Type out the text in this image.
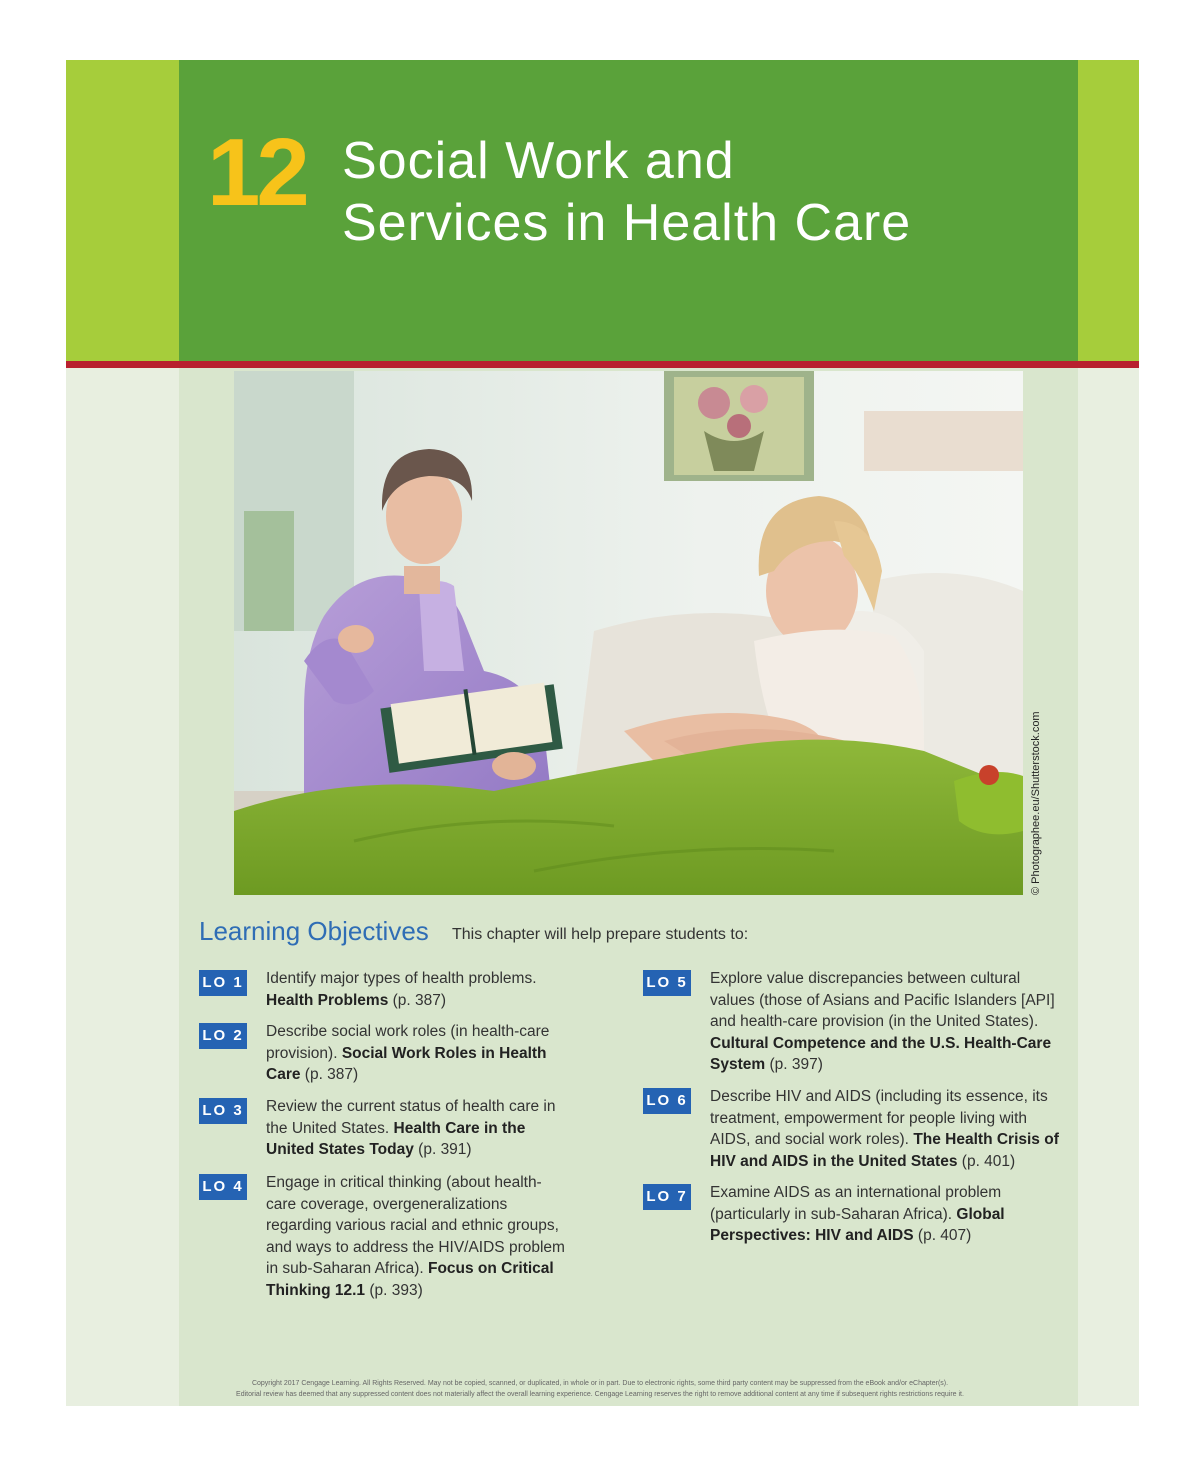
12 Social Work and
Services in Health Care
© Photographee.eu/Shutterstock.com
Learning Objectives This chapter will help prepare students to:
LO 1 Identify major types of health problems. Health Problems (p. 387)
LO 2 Describe social work roles (in health-care provision). Social Work Roles in Health Care (p. 387)
LO 3 Review the current status of health care in the United States. Health Care in the United States Today (p. 391)
LO 4 Engage in critical thinking (about health-care coverage, overgeneralizations regarding various racial and ethnic groups, and ways to address the HIV/AIDS problem in sub-Saharan Africa). Focus on Critical Thinking 12.1 (p. 393)
LO 5 Explore value discrepancies between cultural values (those of Asians and Pacific Islanders [API] and health-care provision (in the United States). Cultural Competence and the U.S. Health-Care System (p. 397)
LO 6 Describe HIV and AIDS (including its essence, its treatment, empowerment for people living with AIDS, and social work roles). The Health Crisis of HIV and AIDS in the United States (p. 401)
LO 7 Examine AIDS as an international problem (particularly in sub-Saharan Africa). Global Perspectives: HIV and AIDS (p. 407)
Copyright 2017 Cengage Learning. All Rights Reserved. May not be copied, scanned, or duplicated, in whole or in part. Due to electronic rights, some third party content may be suppressed from the eBook and/or eChapter(s).
Editorial review has deemed that any suppressed content does not materially affect the overall learning experience. Cengage Learning reserves the right to remove additional content at any time if subsequent rights restrictions require it.
